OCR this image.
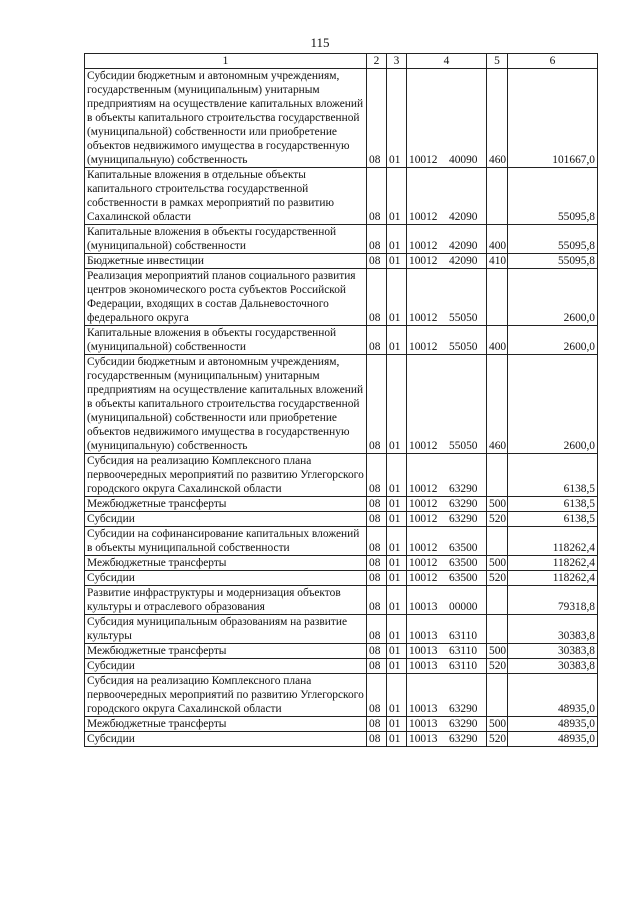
115
1	2	3	4	5	6
Субсидии бюджетным и автономным учреждениям, государственным (муниципальным) унитарным предприятиям на осуществление капитальных вложений в объекты капитального строительства государственной (муниципальной) собственности или приобретение объектов недвижимого имущества в государственную (муниципальную) собственность	08	01	10012 40090	460	101667,0
Капитальные вложения в отдельные объекты капитального строительства государственной собственности в рамках мероприятий по развитию Сахалинской области	08	01	10012 42090		55095,8
Капитальные вложения в объекты государственной (муниципальной) собственности	08	01	10012 42090	400	55095,8
Бюджетные инвестиции	08	01	10012 42090	410	55095,8
Реализация мероприятий планов социального развития центров экономического роста субъектов Российской Федерации, входящих в состав Дальневосточного федерального округа	08	01	10012 55050		2600,0
Капитальные вложения в объекты государственной (муниципальной) собственности	08	01	10012 55050	400	2600,0
Субсидии бюджетным и автономным учреждениям, государственным (муниципальным) унитарным предприятиям на осуществление капитальных вложений в объекты капитального строительства государственной (муниципальной) собственности или приобретение объектов недвижимого имущества в государственную (муниципальную) собственность	08	01	10012 55050	460	2600,0
Субсидия на реализацию Комплексного плана первоочередных мероприятий по развитию Углегорского городского округа Сахалинской области	08	01	10012 63290		6138,5
Межбюджетные трансферты	08	01	10012 63290	500	6138,5
Субсидии	08	01	10012 63290	520	6138,5
Субсидии на софинансирование капитальных вложений в объекты муниципальной собственности	08	01	10012 63500		118262,4
Межбюджетные трансферты	08	01	10012 63500	500	118262,4
Субсидии	08	01	10012 63500	520	118262,4
Развитие инфраструктуры и модернизация объектов культуры и отраслевого образования	08	01	10013 00000		79318,8
Субсидия муниципальным образованиям на развитие культуры	08	01	10013 63110		30383,8
Межбюджетные трансферты	08	01	10013 63110	500	30383,8
Субсидии	08	01	10013 63110	520	30383,8
Субсидия на реализацию Комплексного плана первоочередных мероприятий по развитию Углегорского городского округа Сахалинской области	08	01	10013 63290		48935,0
Межбюджетные трансферты	08	01	10013 63290	500	48935,0
Субсидии	08	01	10013 63290	520	48935,0
